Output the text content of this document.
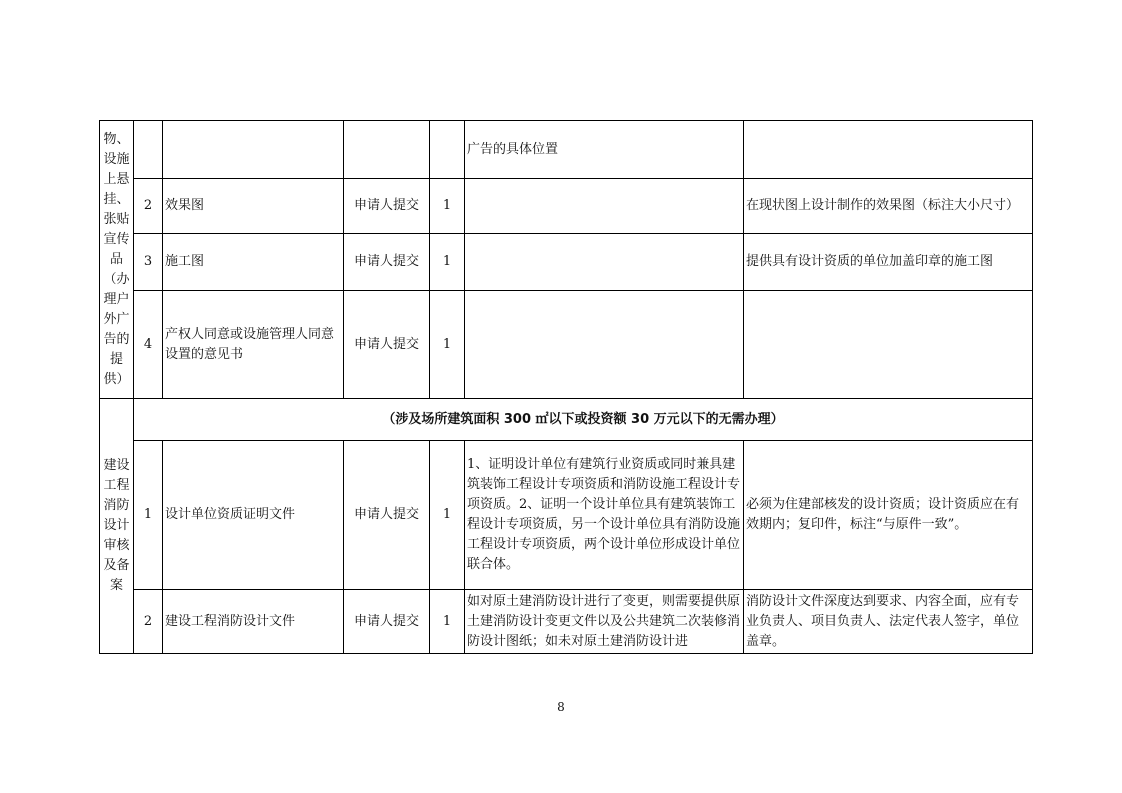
物、设施上悬挂、张贴宣传品（办理户外广告的提供）					广告的具体位置	
	2	效果图	申请人提交	1		在现状图上设计制作的效果图（标注大小尺寸）
	3	施工图	申请人提交	1		提供具有设计资质的单位加盖印章的施工图
	4	产权人同意或设施管理人同意设置的意见书	申请人提交	1		
建设工程消防设计审核及备案	（涉及场所建筑面积 300 ㎡以下或投资额 30 万元以下的无需办理）					
	1	设计单位资质证明文件	申请人提交	1	1、证明设计单位有建筑行业资质或同时兼具建筑装饰工程设计专项资质和消防设施工程设计专项资质。2、证明一个设计单位具有建筑装饰工程设计专项资质，另一个设计单位具有消防设施工程设计专项资质，两个设计单位形成设计单位联合体。	必须为住建部核发的设计资质；设计资质应在有效期内；复印件，标注“与原件一致”。
	2	建设工程消防设计文件	申请人提交	1	如对原土建消防设计进行了变更，则需要提供原土建消防设计变更文件以及公共建筑二次装修消防设计图纸；如未对原土建消防设计进	消防设计文件深度达到要求、内容全面，应有专业负责人、项目负责人、法定代表人签字，单位盖章。
8
